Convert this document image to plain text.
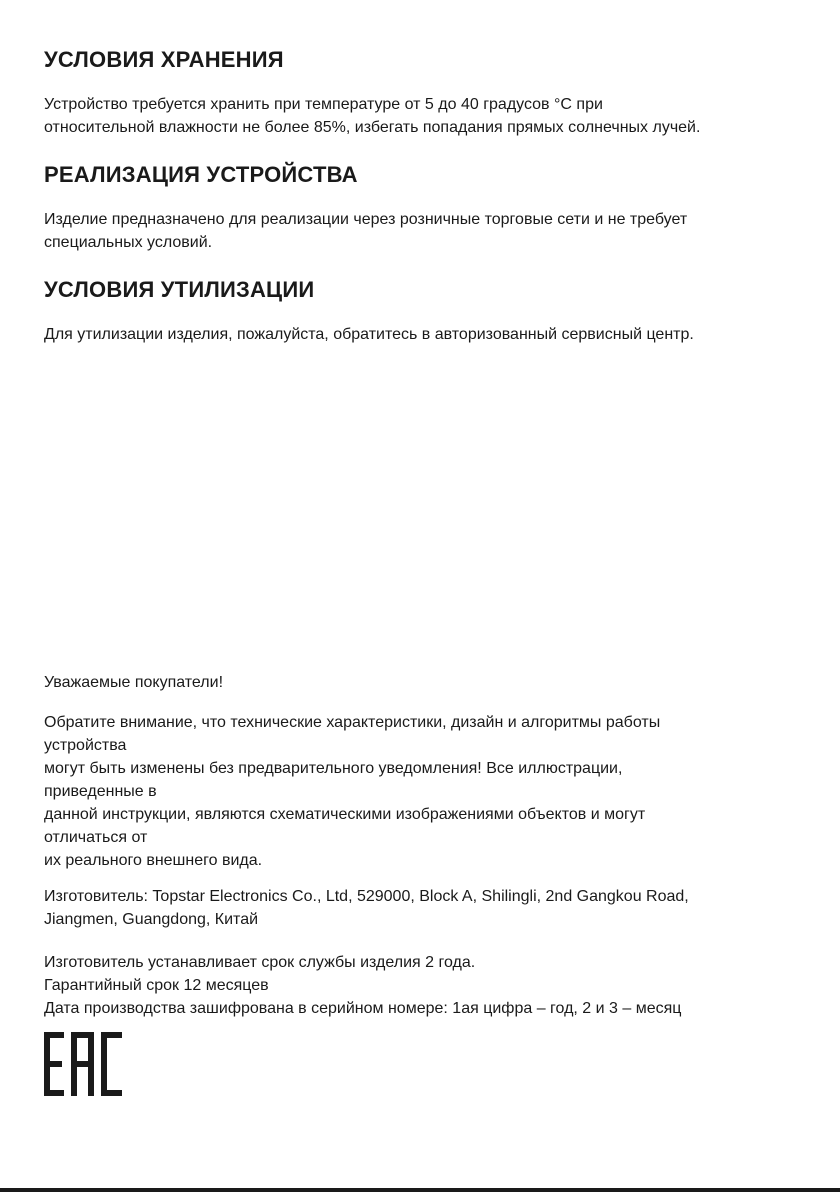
УСЛОВИЯ ХРАНЕНИЯ

Устройство требуется хранить при температуре от 5 до 40 градусов °С при

относительной влажности не более 85%, избегать попадания прямых солнечных лучей.

РЕАЛИЗАЦИЯ УСТРОЙСТВА

Изделие предназначено для реализации через розничные торговые сети и не требует

специальных условий.

УСЛОВИЯ УТИЛИЗАЦИИ

Для утилизации изделия, пожалуйста, обратитесь в авторизованный сервисный центр.

Уважаемые покупатели!

Обратите внимание, что технические характеристики, дизайн и алгоритмы работы

устройства

могут быть изменены без предварительного уведомления! Все иллюстрации,

приведенные в

данной инструкции, являются схематическими изображениями объектов и могут

отличаться от

их реального внешнего вида.

Изготовитель: Topstar Electronics Co., Ltd, 529000, Block A, Shilingli, 2nd Gangkou Road,

Jiangmen, Guangdong, Китай

Изготовитель устанавливает срок службы изделия 2 года.

Гарантийный срок 12 месяцев

Дата производства зашифрована в серийном номере: 1ая цифра – год, 2 и 3 – месяц
